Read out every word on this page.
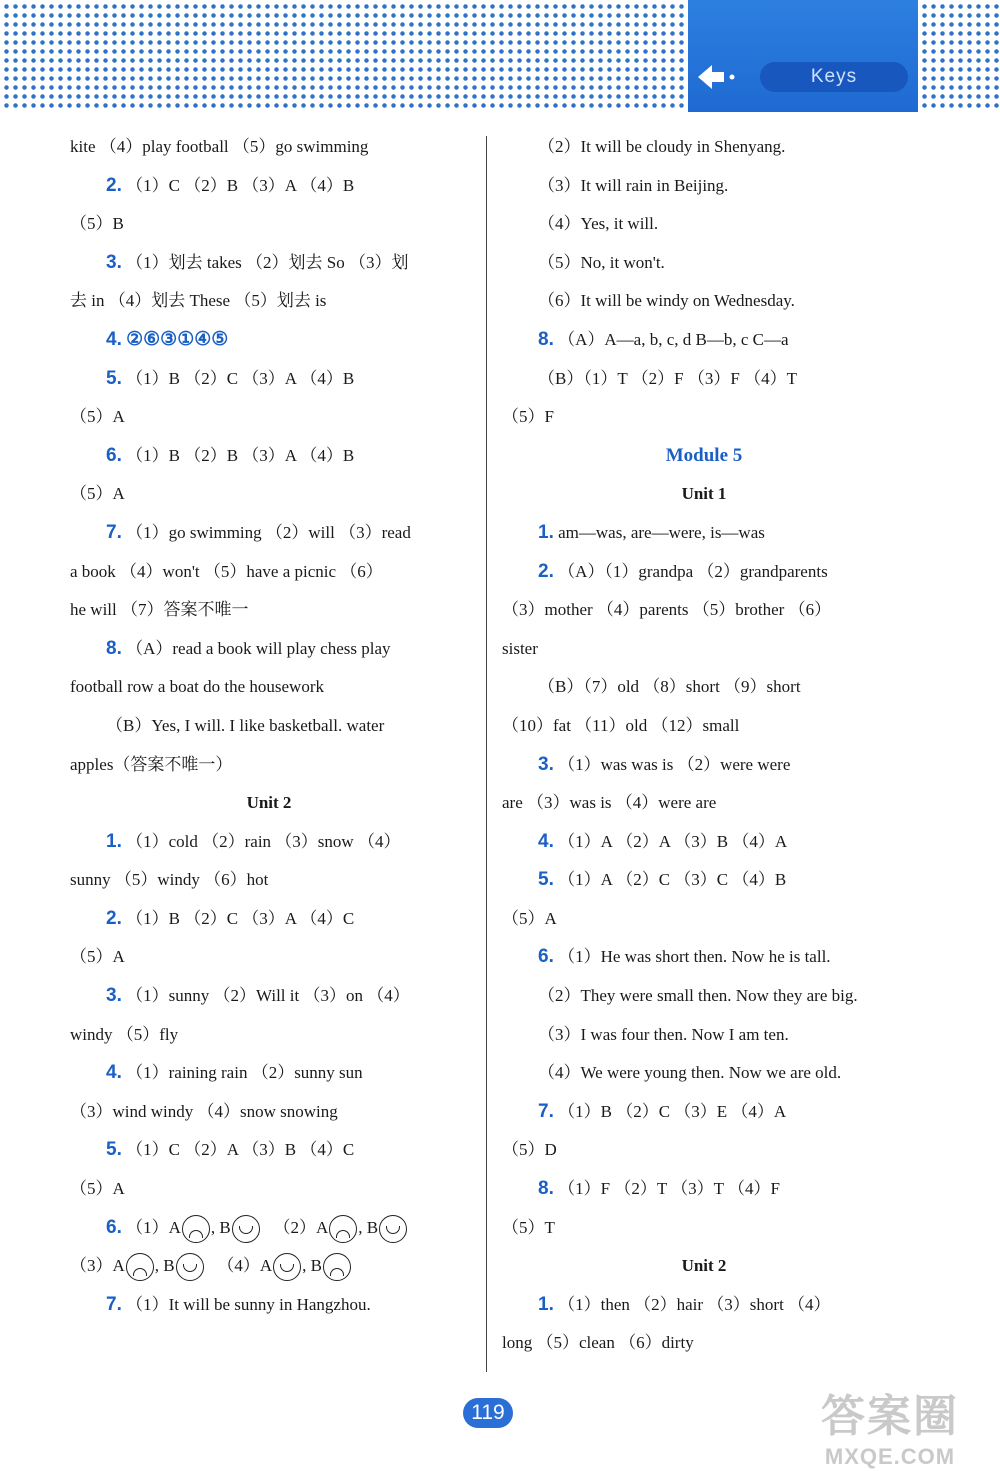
Keys
kite （4）play football （5）go swimming
2. （1）C （2）B （3）A （4）B
（5）B
3. （1）划去 takes （2）划去 So （3）划
去 in （4）划去 These （5）划去 is
4. ②⑥③①④⑤
5. （1）B （2）C （3）A （4）B
（5）A
6. （1）B （2）B （3）A （4）B
（5）A
7. （1）go swimming （2）will （3）read
a book （4）won't （5）have a picnic （6）
he will （7）答案不唯一
8. （A）read a book will play chess play
football row a boat do the housework
（B）Yes, I will. I like basketball. water
apples（答案不唯一）
Unit 2
1. （1）cold （2）rain （3）snow （4）
sunny （5）windy （6）hot
2. （1）B （2）C （3）A （4）C
（5）A
3. （1）sunny （2）Will it （3）on （4）
windy （5）fly
4. （1）raining rain （2）sunny sun
（3）wind windy （4）snow snowing
5. （1）C （2）A （3）B （4）C
（5）A
6. （1）A , B	（2）A , B
（3）A , B	（4）A , B
7. （1）It will be sunny in Hangzhou.
（2）It will be cloudy in Shenyang.
（3）It will rain in Beijing.
（4）Yes, it will.
（5）No, it won't.
（6）It will be windy on Wednesday.
8. （A）A—a, b, c, d B—b, c C—a
（B）（1）T （2）F （3）F （4）T
（5）F
Module 5
Unit 1
1. am—was, are—were, is—was
2. （A）（1）grandpa （2）grandparents
（3）mother （4）parents （5）brother （6）
sister
（B）（7）old （8）short （9）short
（10）fat （11）old （12）small
3. （1）was was is （2）were were
are （3）was is （4）were are
4. （1）A （2）A （3）B （4）A
5. （1）A （2）C （3）C （4）B
（5）A
6. （1）He was short then. Now he is tall.
（2）They were small then. Now they are big.
（3）I was four then. Now I am ten.
（4）We were young then. Now we are old.
7. （1）B （2）C （3）E （4）A
（5）D
8. （1）F （2）T （3）T （4）F
（5）T
Unit 2
1. （1）then （2）hair （3）short （4）
long （5）clean （6）dirty
119	答案圈
MXQE.COM
